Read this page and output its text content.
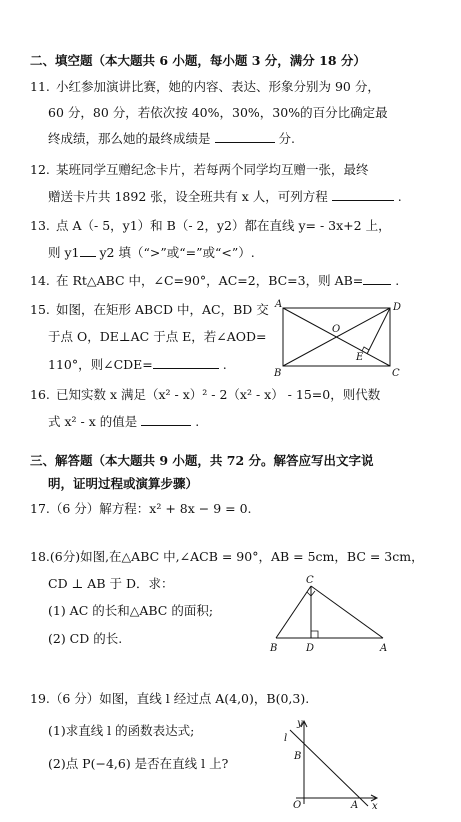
二、填空题（本大题共 6 小题，每小题 3 分，满分 18 分）
11. 小红参加演讲比赛，她的内容、表达、形象分别为 90 分，
60 分，80 分，若依次按 40%，30%，30%的百分比确定最
终成绩，那么她的最终成绩是	分.
12. 某班同学互赠纪念卡片，若每两个同学均互赠一张，最终
赠送卡片共 1892 张，设全班共有 x 人，可列方程	.
13. 点 A（- 5，y1）和 B（- 2，y2）都在直线 y= - 3x+2 上，
则 y1 y2 填（“>”或“=”或“<”）.
14. 在 Rt△ABC 中，∠C=90°，AC=2，BC=3，则 AB=	.
15. 如图，在矩形 ABCD 中，AC，BD 交
于点 O，DE⊥AC 于点 E，若∠AOD=
110°，则∠CDE=	.
A	D
O
E
B	C
16. 已知实数 x 满足（x² - x）² - 2（x² - x） - 15=0，则代数
式 x² - x 的值是	.
三、解答题（本大题共 9 小题，共 72 分。解答应写出文字说
明，证明过程或演算步骤）
17.（6 分）解方程：x² + 8x − 9 = 0.
18.(6分)如图,在△ABC 中,∠ACB = 90°，AB = 5cm，BC = 3cm，
CD ⊥ AB 于 D．求：
(1) AC 的长和△ABC 的面积;
(2) CD 的长.
C
B	D	A
19.（6 分）如图，直线 l 经过点 A(4,0)，B(0,3).
(1)求直线 l 的函数表达式;
(2)点 P(−4,6) 是否在直线 l 上?
y
l
B
O	A x
